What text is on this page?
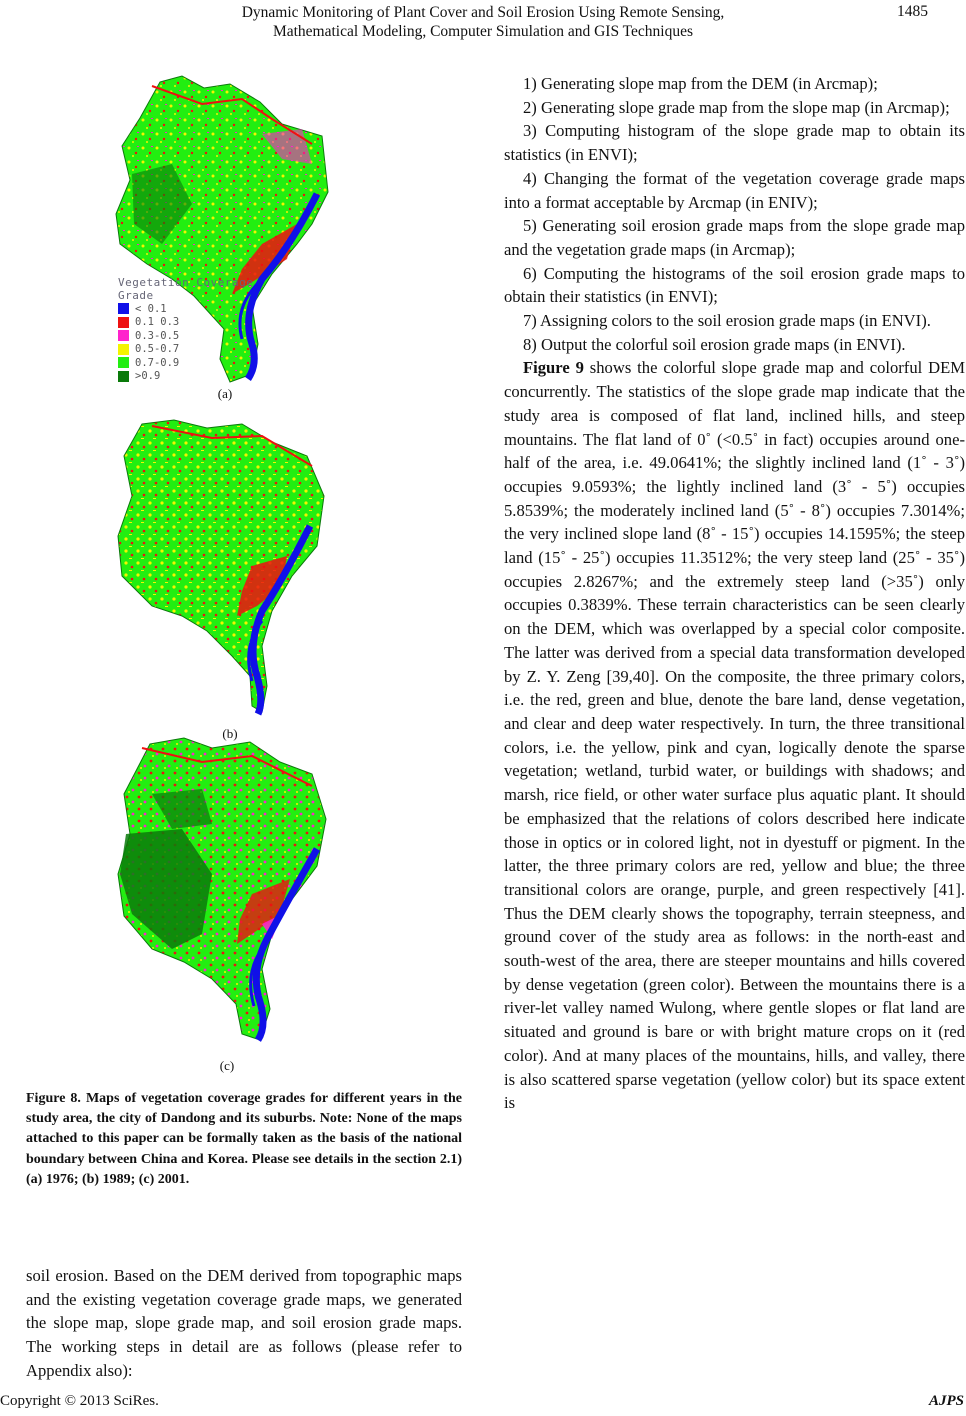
Dynamic Monitoring of Plant Cover and Soil Erosion Using Remote Sensing,
Mathematical Modeling, Computer Simulation and GIS Techniques
1485
Vegetation Coverage Grade
< 0.1
0.1 0.3
0.3-0.5
0.5-0.7
0.7-0.9
>0.9
(a)
(b)
(c)
Figure 8. Maps of vegetation coverage grades for different years in the study area, the city of Dandong and its suburbs. Note: None of the maps attached to this paper can be formally taken as the basis of the national boundary between China and Korea. Please see details in the section 2.1) (a) 1976; (b) 1989; (c) 2001.
soil erosion. Based on the DEM derived from topographic maps and the existing vegetation coverage grade maps, we generated the slope map, slope grade map, and soil erosion grade maps. The working steps in detail are as follows (please refer to Appendix also):

1) Generating slope map from the DEM (in Arcmap);

2) Generating slope grade map from the slope map (in Arcmap);

3) Computing histogram of the slope grade map to obtain its statistics (in ENVI);

4) Changing the format of the vegetation coverage grade maps into a format acceptable by Arcmap (in ENIV);

5) Generating soil erosion grade maps from the slope grade map and the vegetation grade maps (in Arcmap);

6) Computing the histograms of the soil erosion grade maps to obtain their statistics (in ENVI);

7) Assigning colors to the soil erosion grade maps (in ENVI).

8) Output the colorful soil erosion grade maps (in ENVI).

Figure 9 shows the colorful slope grade map and colorful DEM concurrently. The statistics of the slope grade map indicate that the study area is composed of flat land, inclined hills, and steep mountains. The flat land of 0˚ (<0.5˚ in fact) occupies around one-half of the area, i.e. 49.0641%; the slightly inclined land (1˚ - 3˚) occupies 9.0593%; the lightly inclined land (3˚ - 5˚) occupies 5.8539%; the moderately inclined land (5˚ - 8˚) occupies 7.3014%; the very inclined slope land (8˚ - 15˚) occupies 14.1595%; the steep land (15˚ - 25˚) occupies 11.3512%; the very steep land (25˚ - 35˚) occupies 2.8267%; and the extremely steep land (>35˚) only occupies 0.3839%. These terrain characteristics can be seen clearly on the DEM, which was overlapped by a special color composite. The latter was derived from a special data transformation developed by Z. Y. Zeng [39,40]. On the composite, the three primary colors, i.e. the red, green and blue, denote the bare land, dense vegetation, and clear and deep water respectively. In turn, the three transitional colors, i.e. the yellow, pink and cyan, logically denote the sparse vegetation; wetland, turbid water, or buildings with shadows; and marsh, rice field, or other water surface plus aquatic plant. It should be emphasized that the relations of colors described here indicate those in optics or in colored light, not in dyestuff or pigment. In the latter, the three primary colors are red, yellow and blue; the three transitional colors are orange, purple, and green respectively [41]. Thus the DEM clearly shows the topography, terrain steepness, and ground cover of the study area as follows: in the north-east and south-west of the area, there are steeper mountains and hills covered by dense vegetation (green color). Between the mountains there is a river-let valley named Wulong, where gentle slopes or flat land are situated and ground is bare or with bright mature crops on it (red color). And at many places of the mountains, hills, and valley, there is also scattered sparse vegetation (yellow color) but its space extent is

Copyright © 2013 SciRes.	AJPS
